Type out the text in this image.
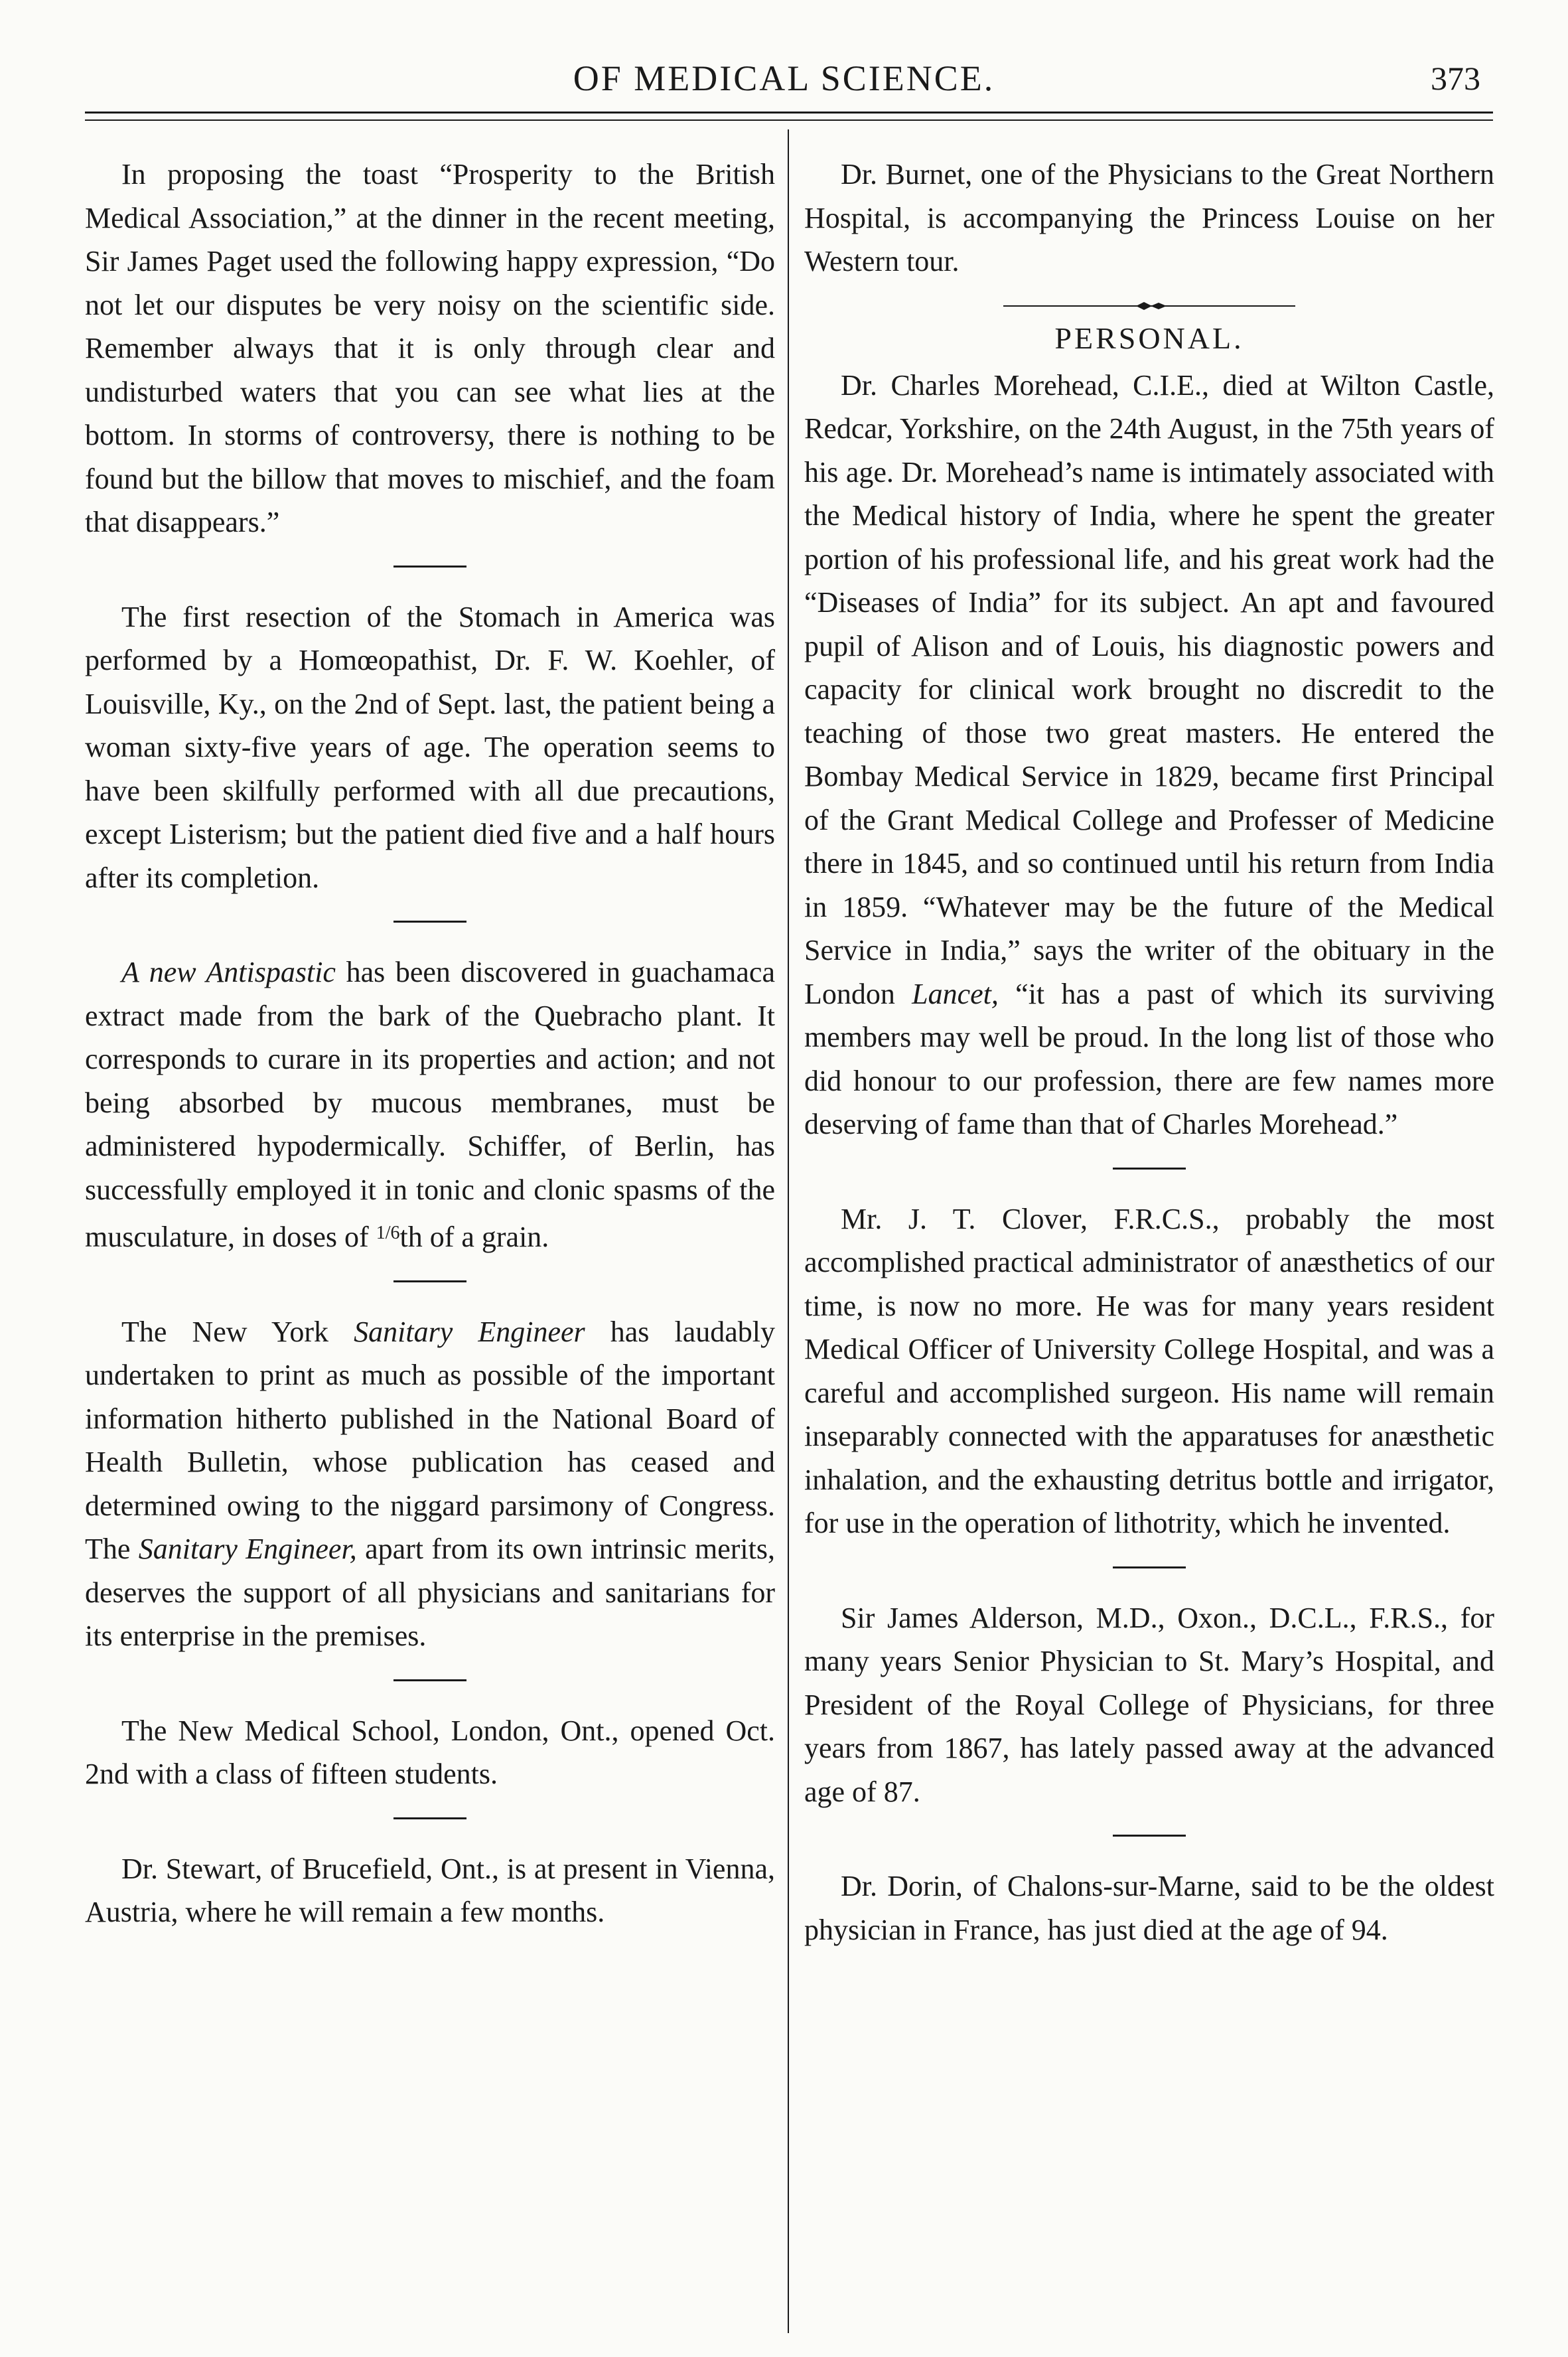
OF MEDICAL SCIENCE.	373

In proposing the toast “Prosperity to the British Medical Association,” at the dinner in the recent meeting, Sir James Paget used the following happy expression, “Do not let our disputes be very noisy on the scientific side. Remember always that it is only through clear and undisturbed waters that you can see what lies at the bottom. In storms of controversy, there is nothing to be found but the billow that moves to mischief, and the foam that disappears.”

The first resection of the Stomach in America was performed by a Homœopathist, Dr. F. W. Koehler, of Louisville, Ky., on the 2nd of Sept. last, the patient being a woman sixty-five years of age. The operation seems to have been skilfully performed with all due precautions, except Listerism; but the patient died five and a half hours after its completion.

A new Antispastic has been discovered in guachamaca extract made from the bark of the Quebracho plant. It corresponds to curare in its properties and action; and not being absorbed by mucous membranes, must be administered hypodermically. Schiffer, of Berlin, has successfully employed it in tonic and clonic spasms of the musculature, in doses of $^{1/6}$th of a grain.

The New York Sanitary Engineer has laudably undertaken to print as much as possible of the important information hitherto published in the National Board of Health Bulletin, whose publication has ceased and determined owing to the niggard parsimony of Congress. The Sanitary Engineer, apart from its own intrinsic merits, deserves the support of all physicians and sanitarians for its enterprise in the premises.

The New Medical School, London, Ont., opened Oct. 2nd with a class of fifteen students.

Dr. Stewart, of Brucefield, Ont., is at present in Vienna, Austria, where he will remain a few months.

Dr. Burnet, one of the Physicians to the Great Northern Hospital, is accompanying the Princess Louise on her Western tour.

PERSONAL.

Dr. Charles Morehead, C.I.E., died at Wilton Castle, Redcar, Yorkshire, on the 24th August, in the 75th years of his age. Dr. Morehead’s name is intimately associated with the Medical history of India, where he spent the greater portion of his professional life, and his great work had the “Diseases of India” for its subject. An apt and favoured pupil of Alison and of Louis, his diagnostic powers and capacity for clinical work brought no discredit to the teaching of those two great masters. He entered the Bombay Medical Service in 1829, became first Principal of the Grant Medical College and Professer of Medicine there in 1845, and so continued until his return from India in 1859. “Whatever may be the future of the Medical Service in India,” says the writer of the obituary in the London Lancet, “it has a past of which its surviving members may well be proud. In the long list of those who did honour to our profession, there are few names more deserving of fame than that of Charles Morehead.”

Mr. J. T. Clover, F.R.C.S., probably the most accomplished practical administrator of anæsthetics of our time, is now no more. He was for many years resident Medical Officer of University College Hospital, and was a careful and accomplished surgeon. His name will remain inseparably connected with the apparatuses for anæsthetic inhalation, and the exhausting detritus bottle and irrigator, for use in the operation of lithotrity, which he invented.

Sir James Alderson, M.D., Oxon., D.C.L., F.R.S., for many years Senior Physician to St. Mary’s Hospital, and President of the Royal College of Physicians, for three years from 1867, has lately passed away at the advanced age of 87.

Dr. Dorin, of Chalons-sur-Marne, said to be the oldest physician in France, has just died at the age of 94.
